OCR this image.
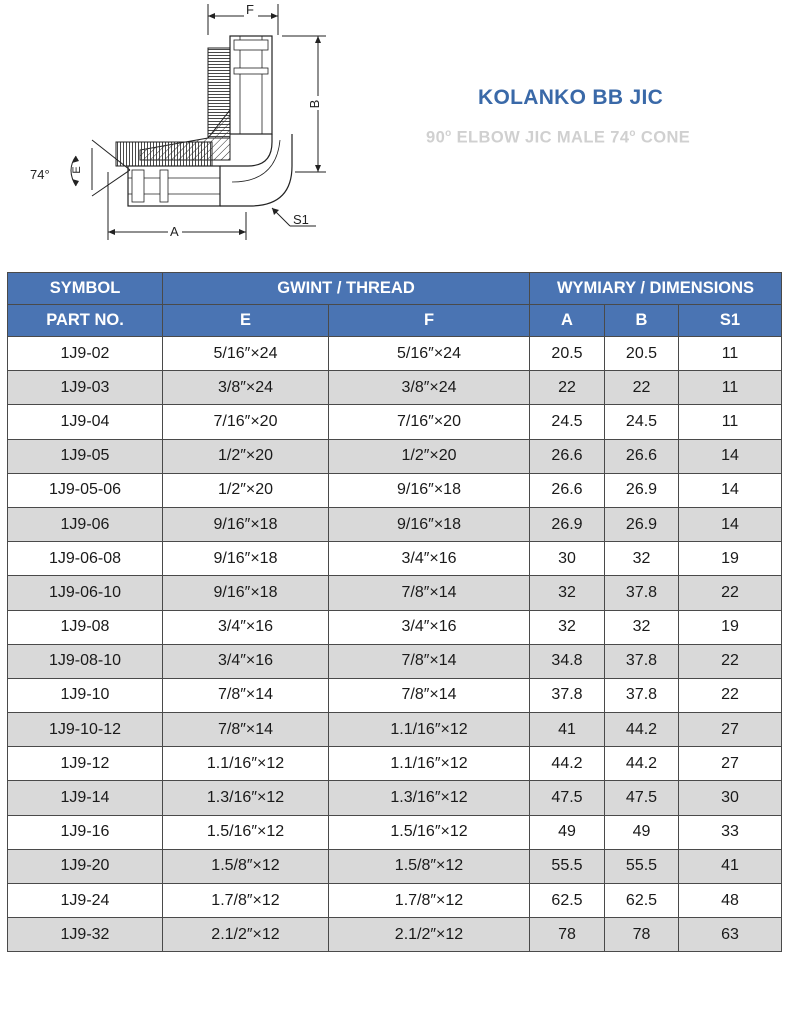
F
B
E
74°
A
S1
KOLANKO BB JIC
90$^o$ ELBOW JIC MALE 74$^o$ CONE
SYMBOL	GWINT / THREAD		WYMIARY / DIMENSIONS		
PART NO.	E	F	A	B	S1
1J9-02	5/16″×24	5/16″×24	20.5	20.5	11
1J9-03	3/8″×24	3/8″×24	22	22	11
1J9-04	7/16″×20	7/16″×20	24.5	24.5	11
1J9-05	1/2″×20	1/2″×20	26.6	26.6	14
1J9-05-06	1/2″×20	9/16″×18	26.6	26.9	14
1J9-06	9/16″×18	9/16″×18	26.9	26.9	14
1J9-06-08	9/16″×18	3/4″×16	30	32	19
1J9-06-10	9/16″×18	7/8″×14	32	37.8	22
1J9-08	3/4″×16	3/4″×16	32	32	19
1J9-08-10	3/4″×16	7/8″×14	34.8	37.8	22
1J9-10	7/8″×14	7/8″×14	37.8	37.8	22
1J9-10-12	7/8″×14	1.1/16″×12	41	44.2	27
1J9-12	1.1/16″×12	1.1/16″×12	44.2	44.2	27
1J9-14	1.3/16″×12	1.3/16″×12	47.5	47.5	30
1J9-16	1.5/16″×12	1.5/16″×12	49	49	33
1J9-20	1.5/8″×12	1.5/8″×12	55.5	55.5	41
1J9-24	1.7/8″×12	1.7/8″×12	62.5	62.5	48
1J9-32	2.1/2″×12	2.1/2″×12	78	78	63
